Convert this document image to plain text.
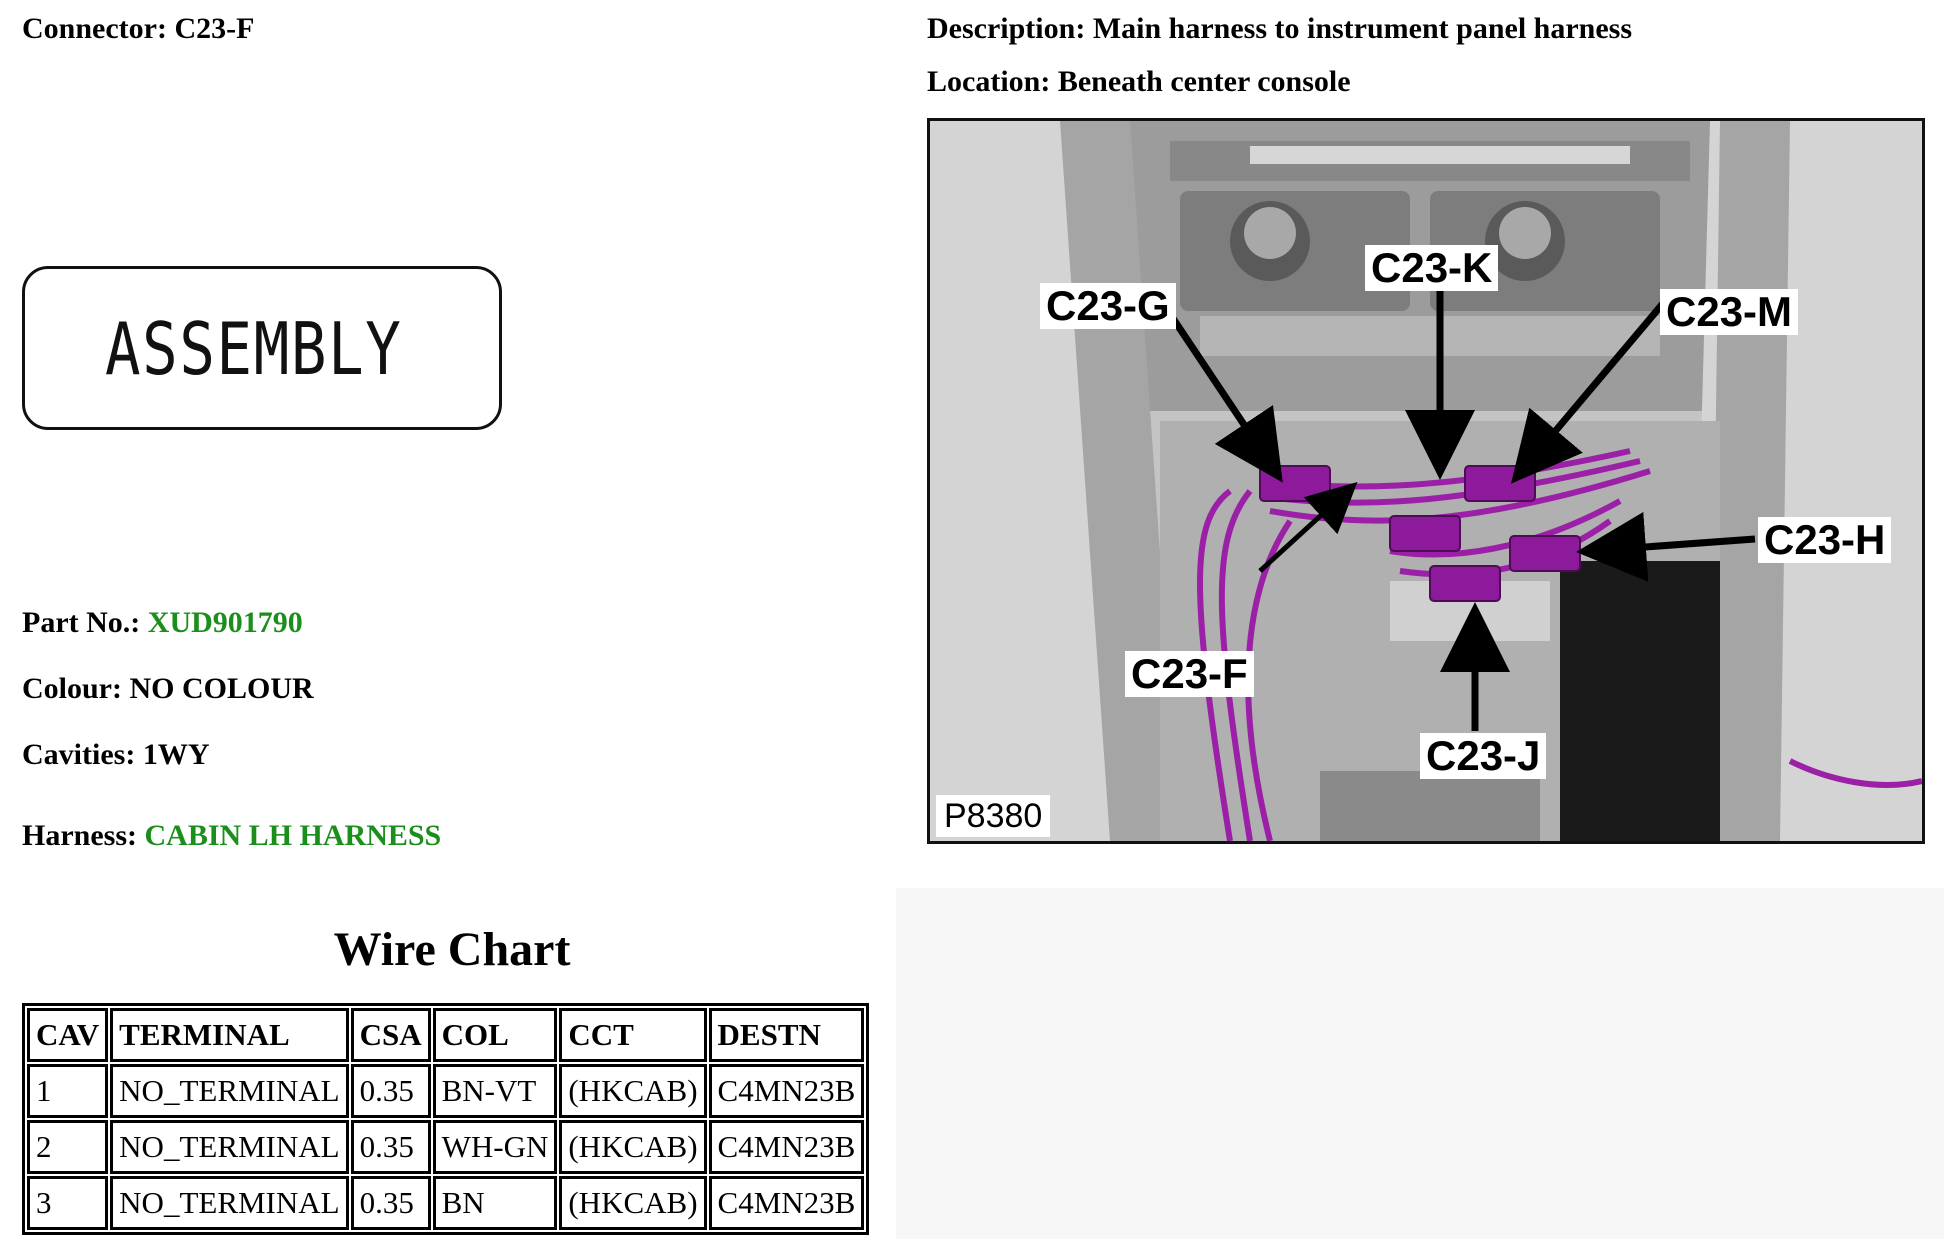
Connector: C23-F	Description: Main harness to instrument panel harness
Location: Beneath center console
ASSEMBLY
Part No.: XUD901790
Colour: NO COLOUR
Cavities: 1WY
Harness: CABIN LH HARNESS
Wire Chart
CAV	TERMINAL	CSA	COL	CCT	DESTN
1	NO_TERMINAL	0.35	BN-VT	(HKCAB)	C4MN23B
2	NO_TERMINAL	0.35	WH-GN	(HKCAB)	C4MN23B
3	NO_TERMINAL	0.35	BN	(HKCAB)	C4MN23B
C23-G
C23-K
C23-M
C23-H
C23-F
C23-J
P8380
